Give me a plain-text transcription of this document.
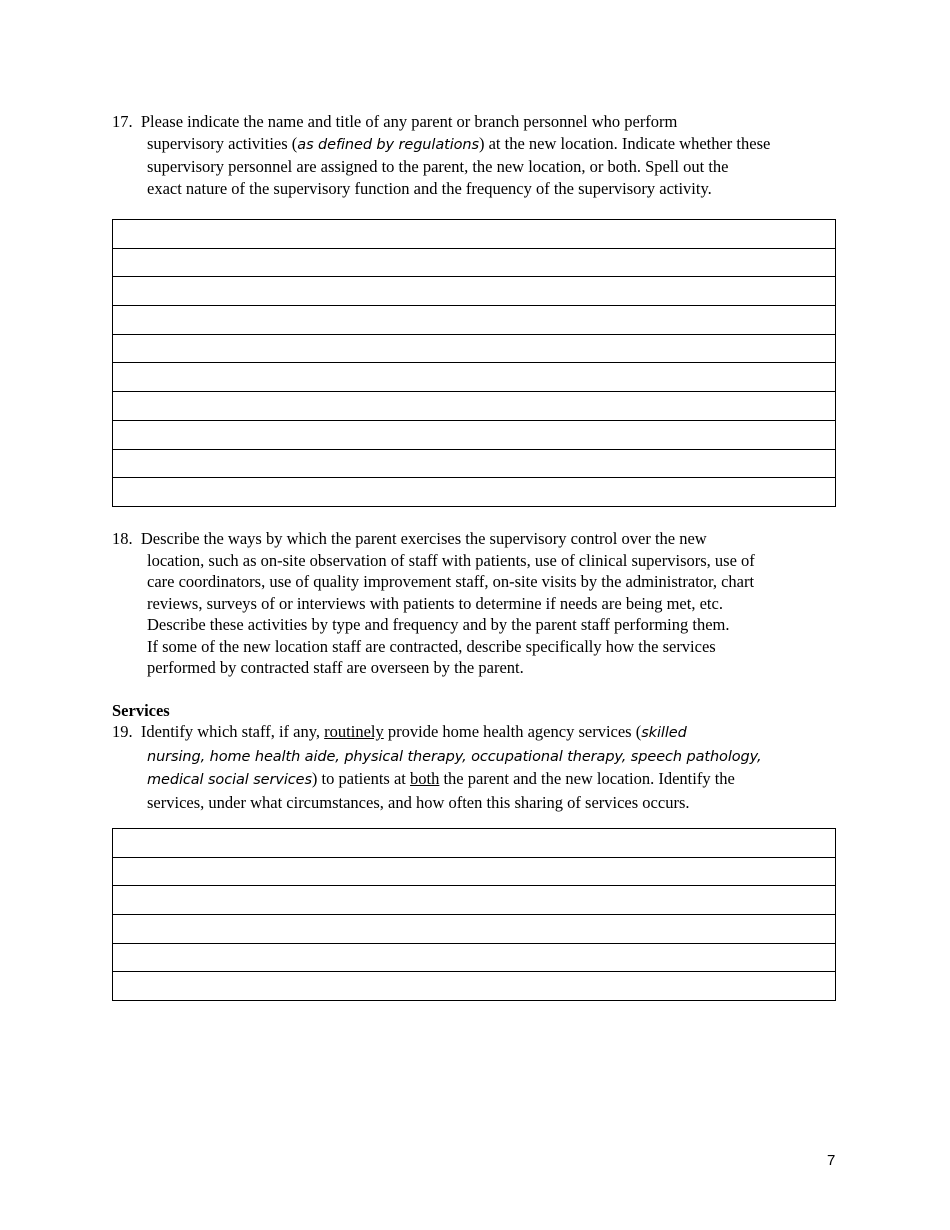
17. Please indicate the name and title of any parent or branch personnel who perform
supervisory activities (as defined by regulations) at the new location. Indicate whether these
supervisory personnel are assigned to the parent, the new location, or both. Spell out the
exact nature of the supervisory function and the frequency of the supervisory activity.

18. Describe the ways by which the parent exercises the supervisory control over the new
location, such as on-site observation of staff with patients, use of clinical supervisors, use of
care coordinators, use of quality improvement staff, on-site visits by the administrator, chart
reviews, surveys of or interviews with patients to determine if needs are being met, etc.
Describe these activities by type and frequency and by the parent staff performing them.
If some of the new location staff are contracted, describe specifically how the services
performed by contracted staff are overseen by the parent.
Services
19. Identify which staff, if any, routinely provide home health agency services (skilled
nursing, home health aide, physical therapy, occupational therapy, speech pathology,
medical social services) to patients at both the parent and the new location. Identify the
services, under what circumstances, and how often this sharing of services occurs.

7
